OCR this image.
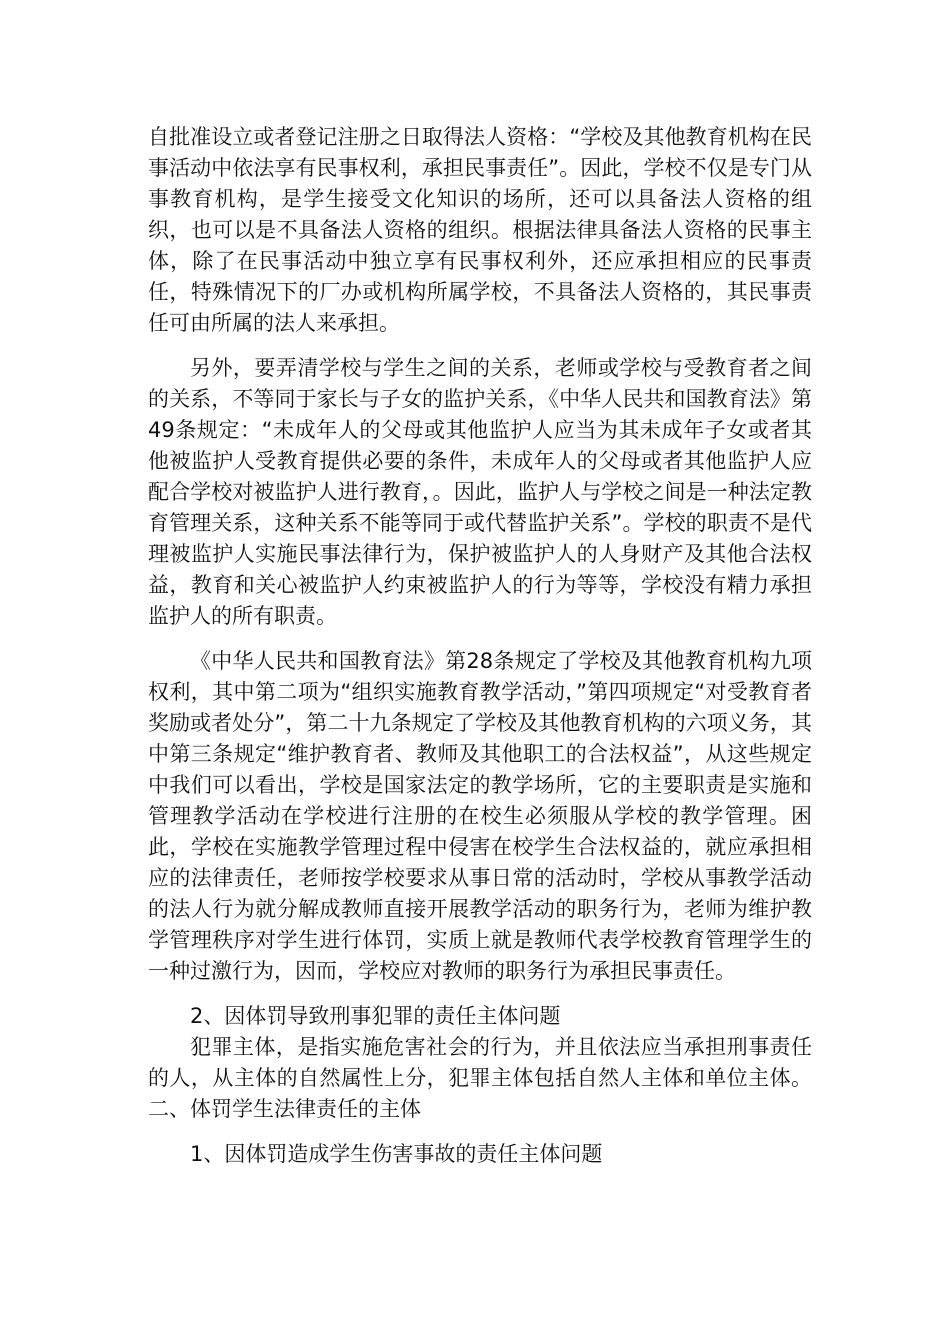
自批准设立或者登记注册之日取得法人资格：“学校及其他教育机构在民事活动中依法享有民事权利，承担民事责任”。因此，学校不仅是专门从事教育机构，是学生接受文化知识的场所，还可以具备法人资格的组织，也可以是不具备法人资格的组织。根据法律具备法人资格的民事主体，除了在民事活动中独立享有民事权利外，还应承担相应的民事责任，特殊情况下的厂办或机构所属学校，不具备法人资格的，其民事责任可由所属的法人来承担。

另外，要弄清学校与学生之间的关系，老师或学校与受教育者之间的关系，不等同于家长与子女的监护关系，《中华人民共和国教育法》第49条规定：“未成年人的父母或其他监护人应当为其未成年子女或者其他被监护人受教育提供必要的条件，未成年人的父母或者其他监护人应配合学校对被监护人进行教育，。因此，监护人与学校之间是一种法定教育管理关系，这种关系不能等同于或代替监护关系”。学校的职责不是代理被监护人实施民事法律行为，保护被监护人的人身财产及其他合法权益，教育和关心被监护人约束被监护人的行为等等，学校没有精力承担监护人的所有职责。

《中华人民共和国教育法》第28条规定了学校及其他教育机构九项权利，其中第二项为“组织实施教育教学活动，”第四项规定“对受教育者奖励或者处分”，第二十九条规定了学校及其他教育机构的六项义务，其中第三条规定“维护教育者、教师及其他职工的合法权益”，从这些规定中我们可以看出，学校是国家法定的教学场所，它的主要职责是实施和管理教学活动在学校进行注册的在校生必须服从学校的教学管理。困此，学校在实施教学管理过程中侵害在校学生合法权益的，就应承担相应的法律责任，老师按学校要求从事日常的活动时，学校从事教学活动的法人行为就分解成教师直接开展教学活动的职务行为，老师为维护教学管理秩序对学生进行体罚，实质上就是教师代表学校教育管理学生的一种过激行为，因而，学校应对教师的职务行为承担民事责任。

2、因体罚导致刑事犯罪的责任主体问题

犯罪主体，是指实施危害社会的行为，并且依法应当承担刑事责任的人，从主体的自然属性上分，犯罪主体包括自然人主体和单位主体。二、体罚学生法律责任的主体

1、因体罚造成学生伤害事故的责任主体问题
